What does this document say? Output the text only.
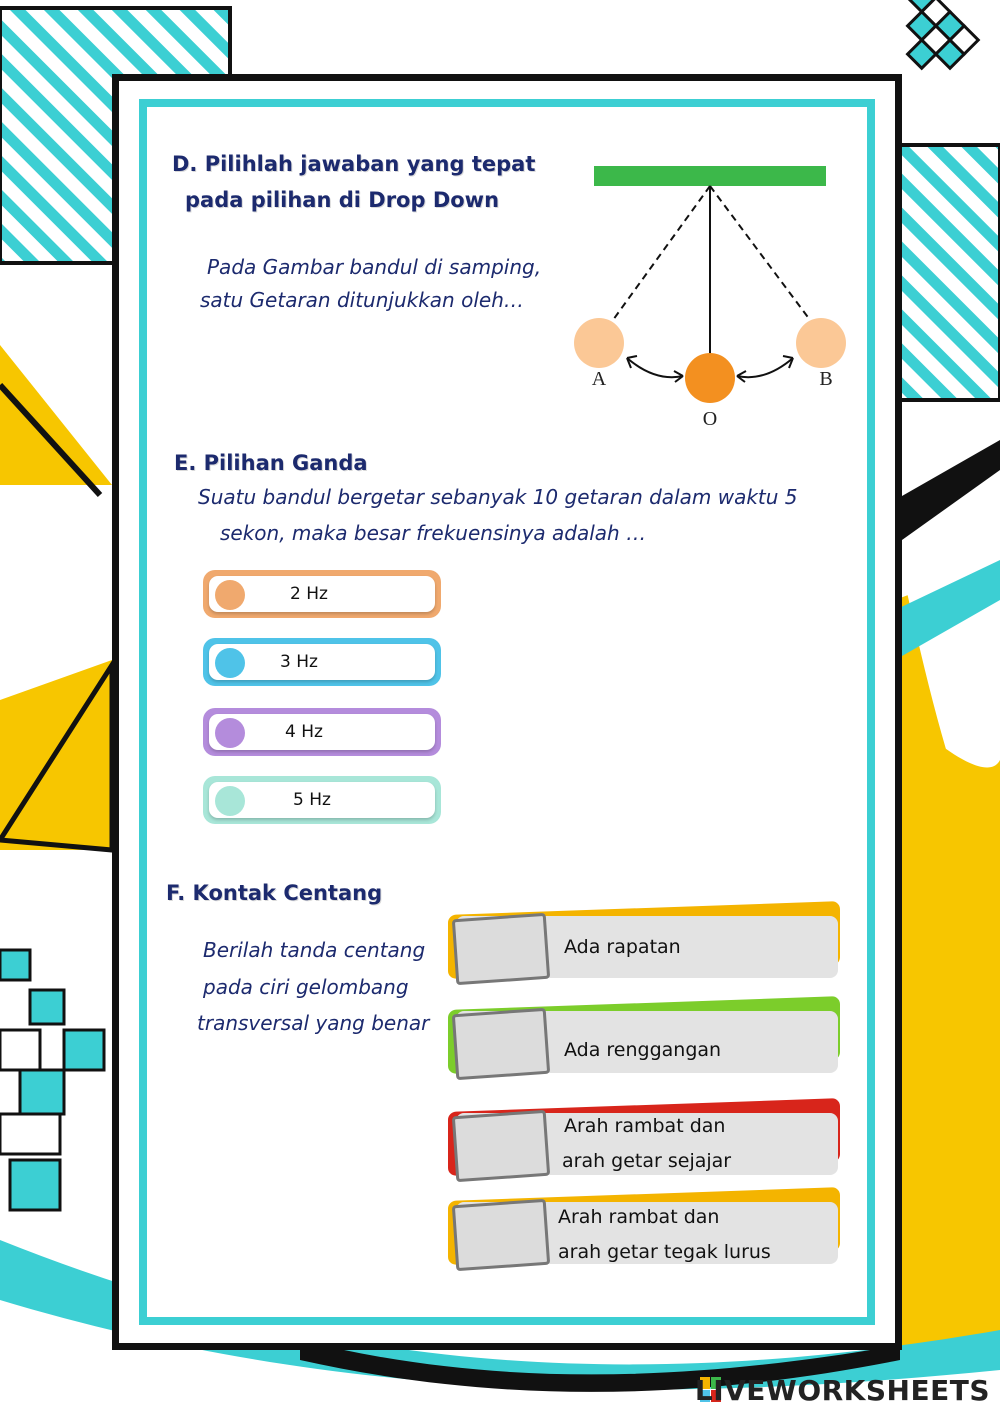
D. Pilihlah jawaban yang tepat
pada pilihan di Drop Down
Pada Gambar bandul di samping,
satu Getaran ditunjukkan oleh…
A	B
O
E. Pilihan Ganda
Suatu bandul bergetar sebanyak 10 getaran dalam waktu 5
sekon, maka besar frekuensinya adalah …
2 Hz
3 Hz
4 Hz
5 Hz
F. Kontak Centang
Berilah tanda centang
pada ciri gelombang
transversal yang benar
Ada rapatan
Ada renggangan
Arah rambat dan
arah getar sejajar
Arah rambat dan
arah getar tegak lurus
LIVEWORKSHEETS
